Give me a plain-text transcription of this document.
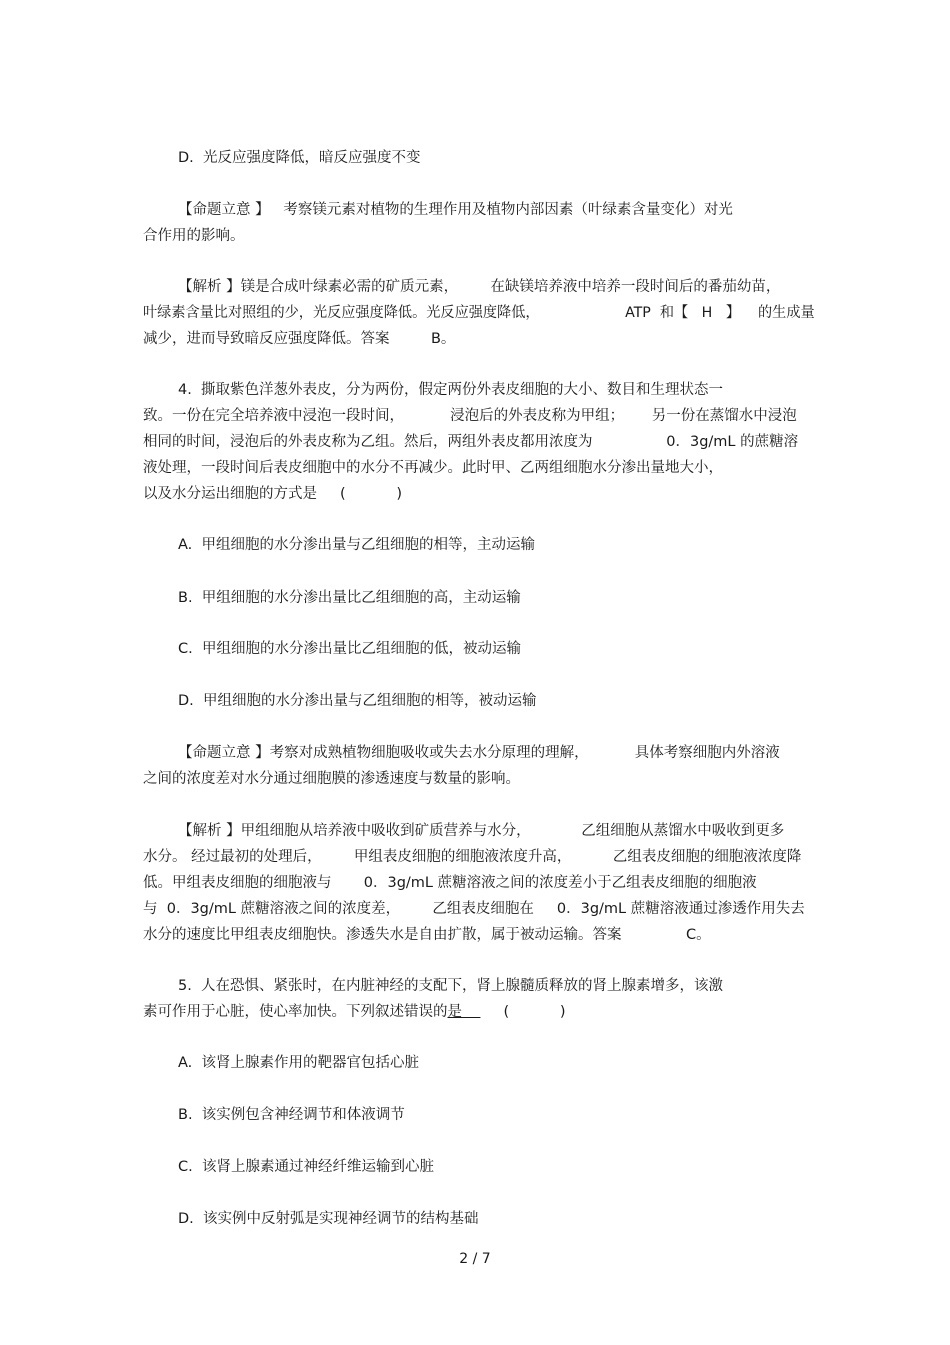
D.  光反应强度降低，暗反应强度不变
【命题立意 】   考察镁元素对植物的生理作用及植物内部因素（叶绿素含量变化）对光
合作用的影响。
【解析 】镁是合成叶绿素必需的矿质元素，       在缺镁培养液中培养一段时间后的番茄幼苗，
叶绿素含量比对照组的少，光反应强度降低。光反应强度降低，                   ATP  和【   H   】    的生成量
减少，进而导致暗反应强度降低。答案         B。
4.  撕取紫色洋葱外表皮，分为两份，假定两份外表皮细胞的大小、数目和生理状态一
致。一份在完全培养液中浸泡一段时间，          浸泡后的外表皮称为甲组；      另一份在蒸馏水中浸泡
相同的时间，浸泡后的外表皮称为乙组。然后，两组外表皮都用浓度为                0．3g/mL 的蔗糖溶
液处理，一段时间后表皮细胞中的水分不再减少。此时甲、乙两组细胞水分渗出量地大小，
以及水分运出细胞的方式是     (           )
A.  甲组细胞的水分渗出量与乙组细胞的相等，主动运输
B.  甲组细胞的水分渗出量比乙组细胞的高，主动运输
C.  甲组细胞的水分渗出量比乙组细胞的低，被动运输
D.  甲组细胞的水分渗出量与乙组细胞的相等，被动运输
【命题立意 】考察对成熟植物细胞吸收或失去水分原理的理解，          具体考察细胞内外溶液
之间的浓度差对水分通过细胞膜的渗透速度与数量的影响。
【解析 】甲组细胞从培养液中吸收到矿质营养与水分，           乙组细胞从蒸馏水中吸收到更多
水分。 经过最初的处理后，       甲组表皮细胞的细胞液浓度升高，         乙组表皮细胞的细胞液浓度降
低。甲组表皮细胞的细胞液与       0．3g/mL 蔗糖溶液之间的浓度差小于乙组表皮细胞的细胞液
与  0．3g/mL 蔗糖溶液之间的浓度差，       乙组表皮细胞在     0．3g/mL 蔗糖溶液通过渗透作用失去
水分的速度比甲组表皮细胞快。渗透失水是自由扩散，属于被动运输。答案              C。
5.  人在恐惧、紧张时，在内脏神经的支配下，肾上腺髓质释放的肾上腺素增多，该激
素可作用于心脏，使心率加快。下列叙述错误的是         (           )
A.  该肾上腺素作用的靶器官包括心脏
B.  该实例包含神经调节和体液调节
C.  该肾上腺素通过神经纤维运输到心脏
D.  该实例中反射弧是实现神经调节的结构基础
2 / 7
